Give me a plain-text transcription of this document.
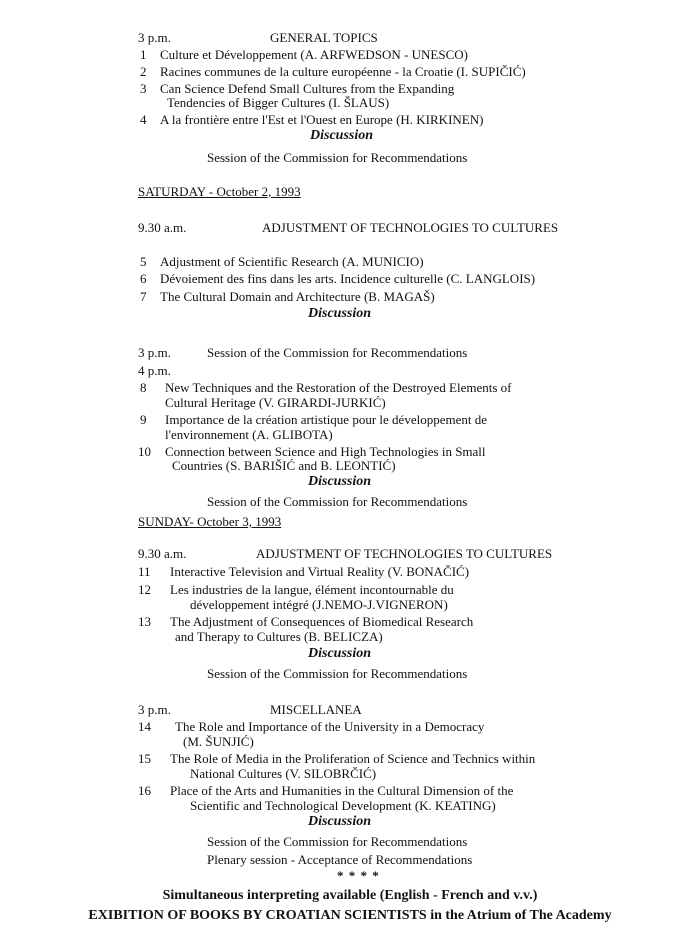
3 p.m.	GENERAL TOPICS
1 Culture et Développement (A. ARFWEDSON - UNESCO)
2 Racines communes de la culture européenne - la Croatie (I. SUPIČIĆ)
3 Can Science Defend Small Cultures from the Expanding
Tendencies of Bigger Cultures (I. ŠLAUS)
4 A la frontière entre l'Est et l'Ouest en Europe (H. KIRKINEN)
Discussion
Session of the Commission for Recommendations
SATURDAY - October 2, 1993
9.30 a.m.	ADJUSTMENT OF TECHNOLOGIES TO CULTURES
5 Adjustment of Scientific Research (A. MUNICIO)
6 Dévoiement des fins dans les arts. Incidence culturelle (C. LANGLOIS)
7 The Cultural Domain and Architecture (B. MAGAŠ)
Discussion
3 p.m.	Session of the Commission for Recommendations
4 p.m.
8 New Techniques and the Restoration of the Destroyed Elements of
Cultural Heritage (V. GIRARDI-JURKIĆ)
9 Importance de la création artistique pour le développement de
l'environnement (A. GLIBOTA)
10 Connection between Science and High Technologies in Small
Countries (S. BARIŠIĆ and B. LEONTIĆ)
Discussion
Session of the Commission for Recommendations
SUNDAY- October 3, 1993
9.30 a.m.	ADJUSTMENT OF TECHNOLOGIES TO CULTURES
11 Interactive Television and Virtual Reality (V. BONAČIĆ)
12 Les industries de la langue, élément incontournable du
développement intégré (J.NEMO-J.VIGNERON)
13 The Adjustment of Consequences of Biomedical Research
and Therapy to Cultures (B. BELICZA)
Discussion
Session of the Commission for Recommendations
3 p.m.	MISCELLANEA
14 The Role and Importance of the University in a Democracy
(M. ŠUNJIĆ)
15 The Role of Media in the Proliferation of Science and Technics within
National Cultures (V. SILOBRČIĆ)
16 Place of the Arts and Humanities in the Cultural Dimension of the
Scientific and Technological Development (K. KEATING)
Discussion
Session of the Commission for Recommendations
Plenary session - Acceptance of Recommendations
* * * *
Simultaneous interpreting available (English - French and v.v.)
EXIBITION OF BOOKS BY CROATIAN SCIENTISTS in the Atrium of The Academy
